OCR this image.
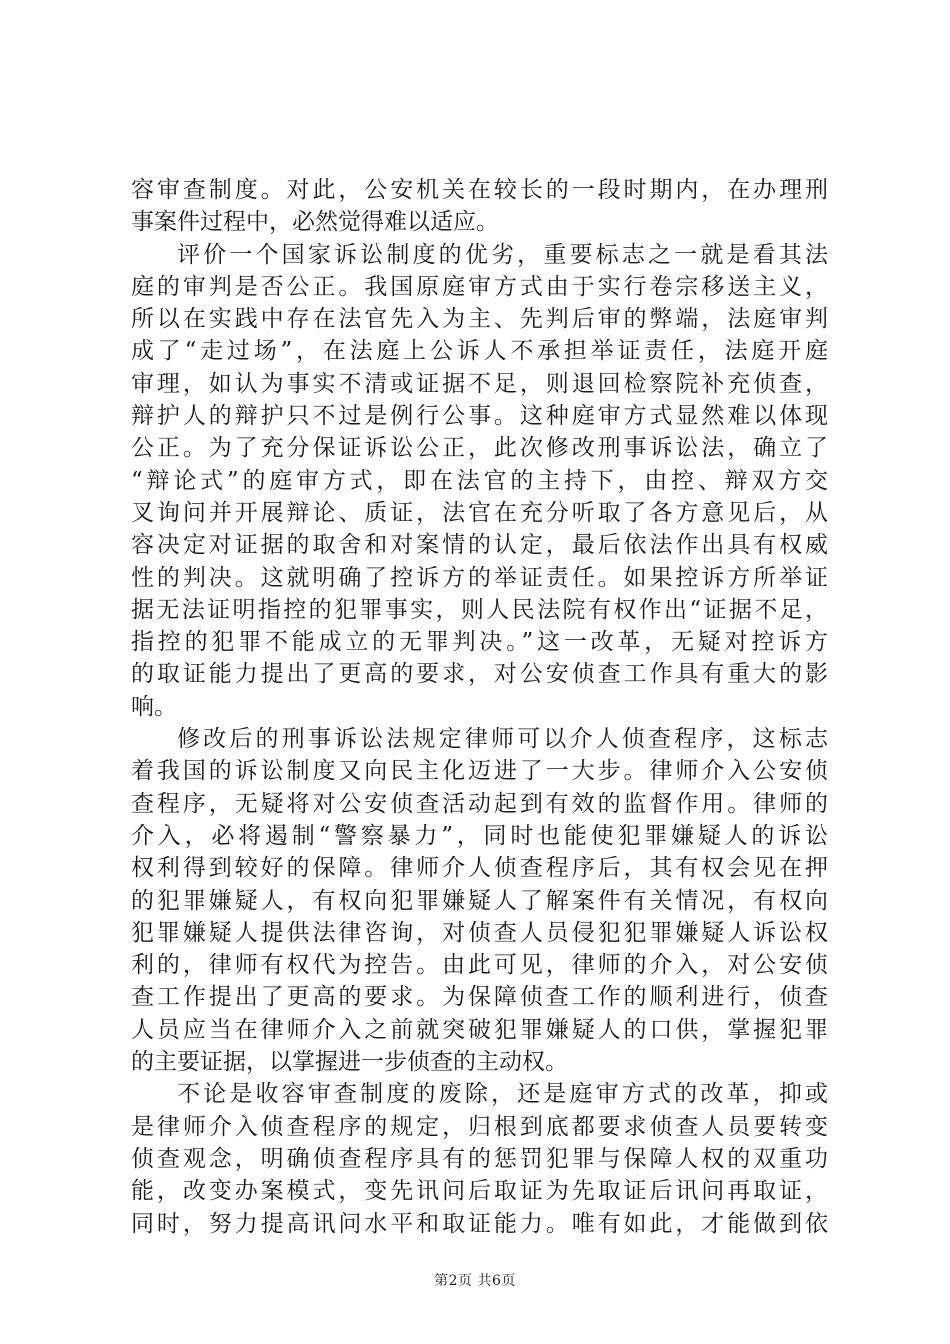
容审查制度。对此，公安机关在较长的一段时期内，在办理刑
事案件过程中，必然觉得难以适应。
评价一个国家诉讼制度的优劣，重要标志之一就是看其法
庭的审判是否公正。我国原庭审方式由于实行卷宗移送主义，
所以在实践中存在法官先入为主、先判后审的弊端，法庭审判
成了“走过场”，在法庭上公诉人不承担举证责任，法庭开庭
审理，如认为事实不清或证据不足，则退回检察院补充侦查，
辩护人的辩护只不过是例行公事。这种庭审方式显然难以体现
公正。为了充分保证诉讼公正，此次修改刑事诉讼法，确立了
“辩论式”的庭审方式，即在法官的主持下，由控、辩双方交
叉询问并开展辩论、质证，法官在充分听取了各方意见后，从
容决定对证据的取舍和对案情的认定，最后依法作出具有权威
性的判决。这就明确了控诉方的举证责任。如果控诉方所举证
据无法证明指控的犯罪事实，则人民法院有权作出“证据不足，
指控的犯罪不能成立的无罪判决。”这一改革，无疑对控诉方
的取证能力提出了更高的要求，对公安侦查工作具有重大的影
响。
修改后的刑事诉讼法规定律师可以介人侦查程序，这标志
着我国的诉讼制度又向民主化迈进了一大步。律师介入公安侦
查程序，无疑将对公安侦查活动起到有效的监督作用。律师的
介入，必将遏制“警察暴力”，同时也能使犯罪嫌疑人的诉讼
权利得到较好的保障。律师介人侦查程序后，其有权会见在押
的犯罪嫌疑人，有权向犯罪嫌疑人了解案件有关情况，有权向
犯罪嫌疑人提供法律咨询，对侦查人员侵犯犯罪嫌疑人诉讼权
利的，律师有权代为控告。由此可见，律师的介入，对公安侦
查工作提出了更高的要求。为保障侦查工作的顺利进行，侦查
人员应当在律师介入之前就突破犯罪嫌疑人的口供，掌握犯罪
的主要证据，以掌握进一步侦查的主动权。
不论是收容审查制度的废除，还是庭审方式的改革，抑或
是律师介入侦查程序的规定，归根到底都要求侦查人员要转变
侦查观念，明确侦查程序具有的惩罚犯罪与保障人权的双重功
能，改变办案模式，变先讯问后取证为先取证后讯问再取证，
同时，努力提高讯问水平和取证能力。唯有如此，才能做到依
第2页 共6页
